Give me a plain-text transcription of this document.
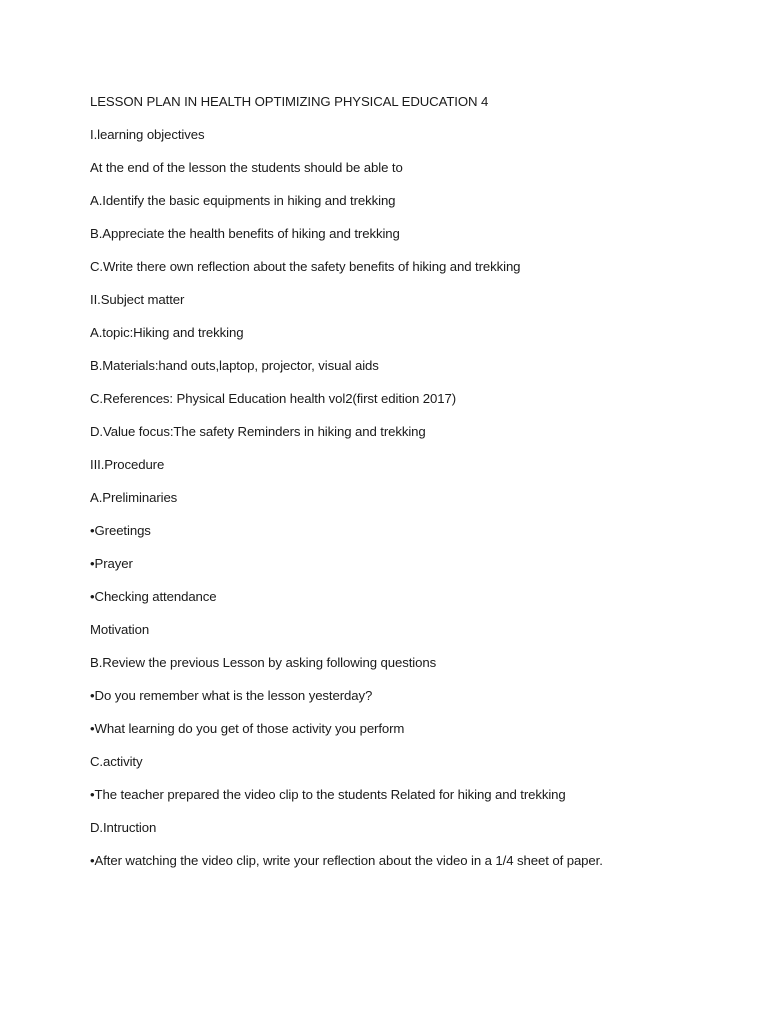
LESSON PLAN IN HEALTH OPTIMIZING PHYSICAL EDUCATION 4
I.learning objectives
At the end of the lesson the students should be able to
A.Identify the basic equipments in hiking and trekking
B.Appreciate the health benefits of hiking and trekking
C.Write there own reflection about the safety benefits of hiking and trekking
II.Subject matter
A.topic:Hiking and trekking
B.Materials:hand outs,laptop, projector, visual aids
C.References: Physical Education health vol2(first edition 2017)
D.Value focus:The safety Reminders in hiking and trekking
III.Procedure
A.Preliminaries
•Greetings
•Prayer
•Checking attendance
Motivation
B.Review the previous Lesson by asking following questions
•Do you remember what is the lesson yesterday?
•What learning do you get of those activity you perform
C.activity
•The teacher prepared the video clip to the students Related for hiking and trekking
D.Intruction
•After watching the video clip, write your reflection about the video in a 1/4 sheet of paper.
